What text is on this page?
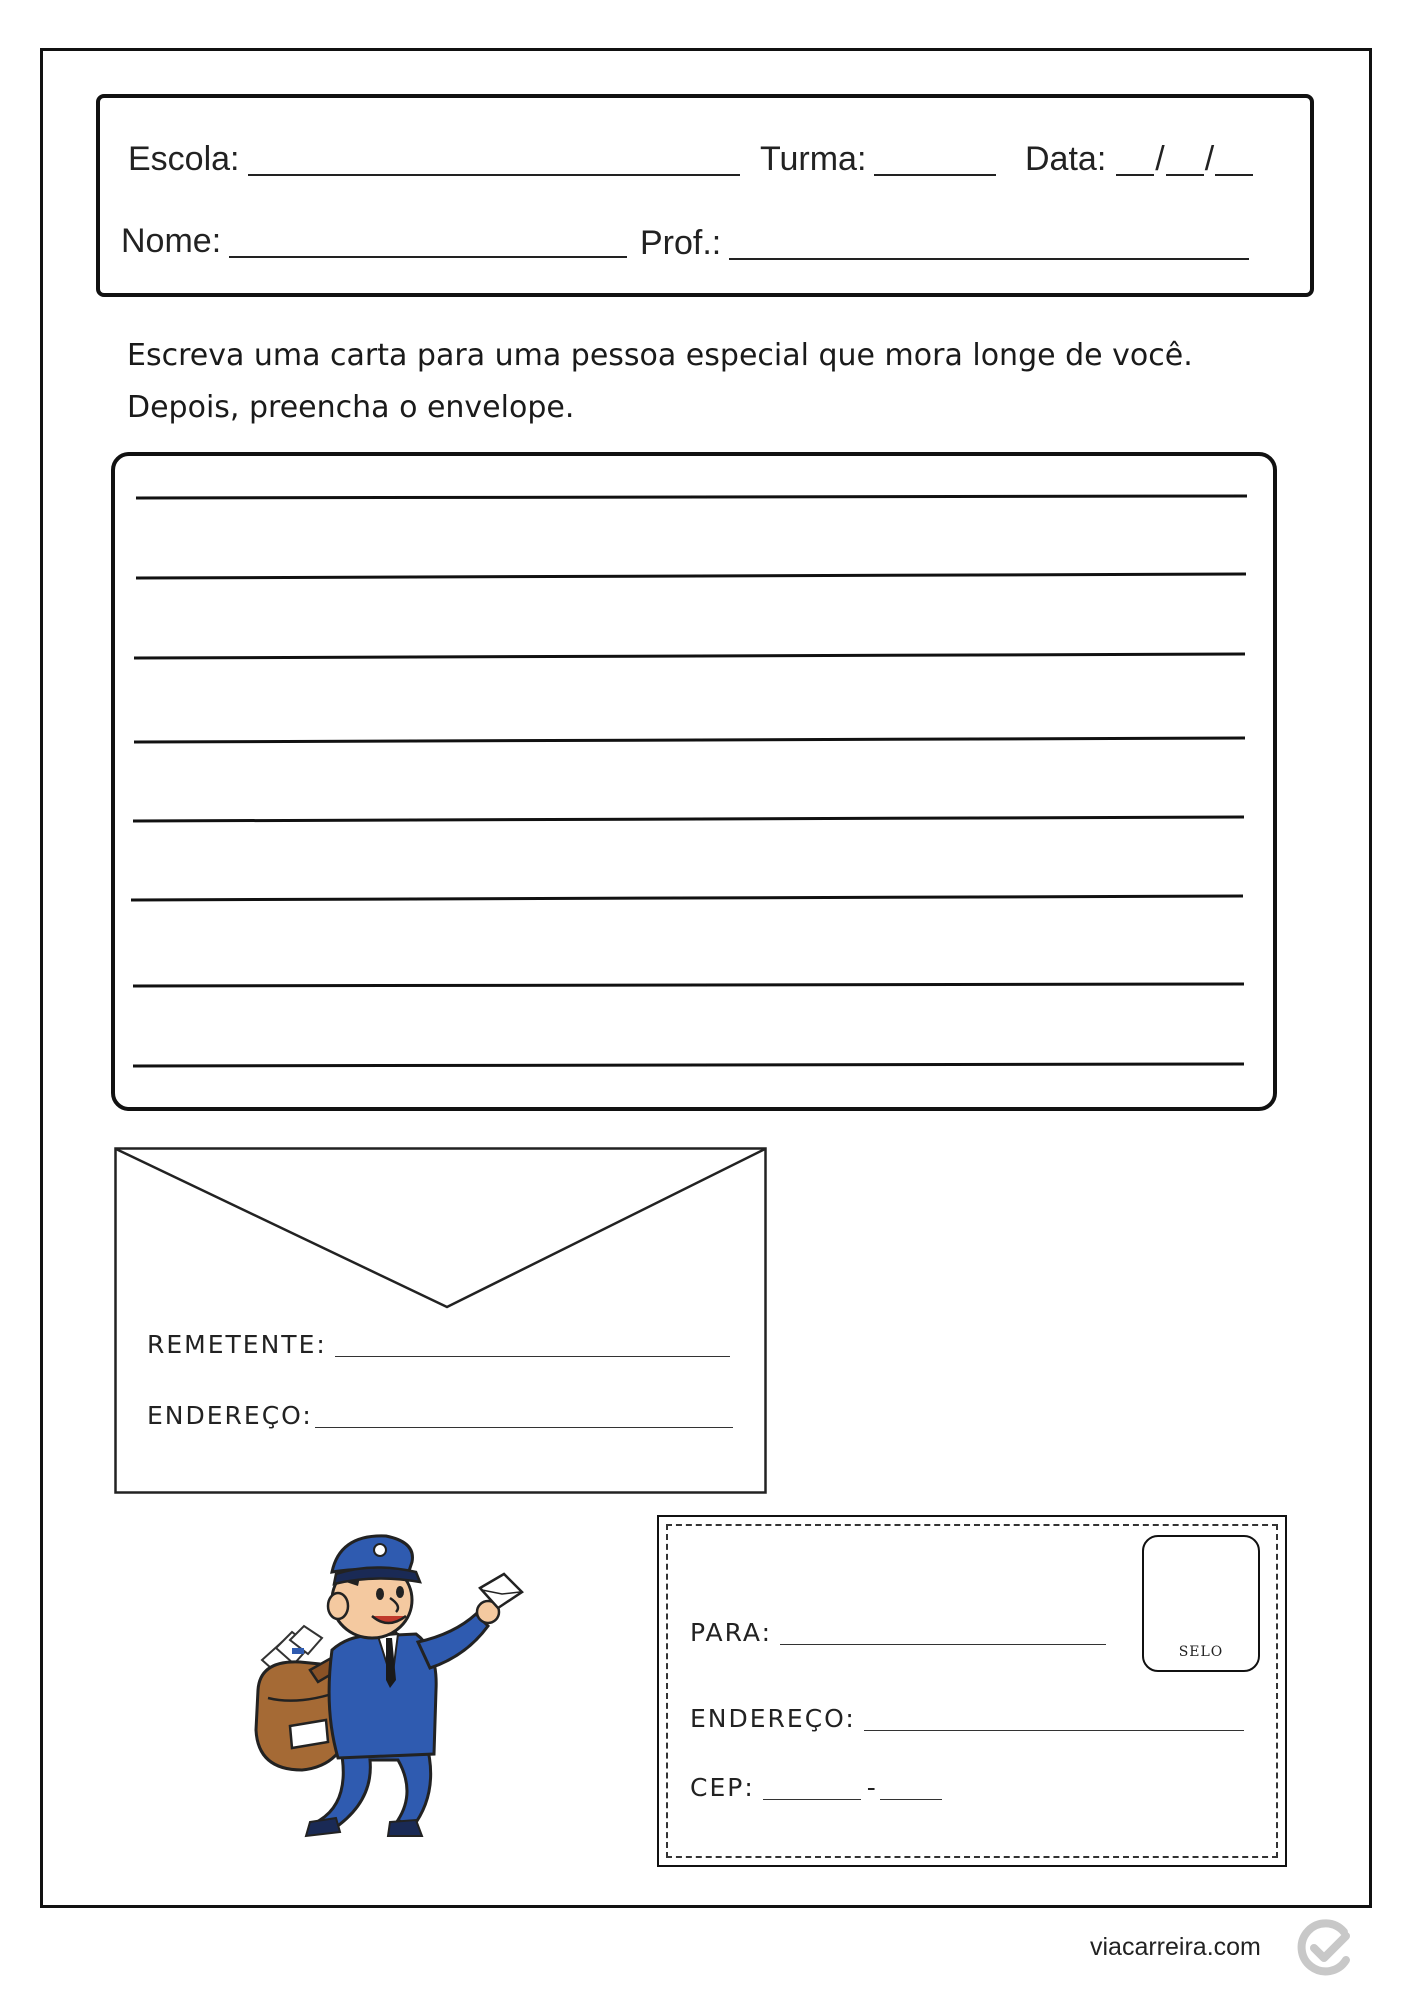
Escola:	Turma:	Data: / /
Nome:	Prof.:
Escreva uma carta para uma pessoa especial que mora longe de você.
Depois, preencha o envelope.
REMETENTE:
ENDEREÇO:
SELO
PARA:
ENDEREÇO:
CEP:	-
viacarreira.com
